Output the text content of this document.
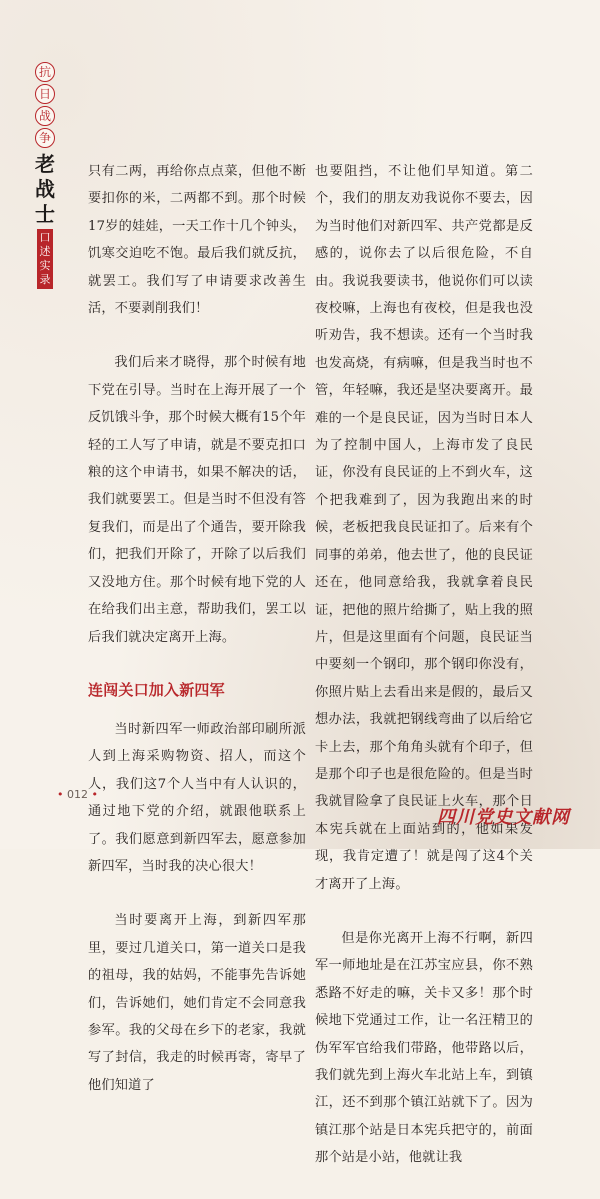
抗
日
战
争
老
战
士
口
述
实
录

只有二两，再给你点点菜，但他不断要扣你的米，二两都不到。那个时候17岁的娃娃，一天工作十几个钟头，饥寒交迫吃不饱。最后我们就反抗，就罢工。我们写了申请要求改善生活，不要剥削我们！

我们后来才晓得，那个时候有地下党在引导。当时在上海开展了一个反饥饿斗争，那个时候大概有15个年轻的工人写了申请，就是不要克扣口粮的这个申请书，如果不解决的话，我们就要罢工。但是当时不但没有答复我们，而是出了个通告，要开除我们，把我们开除了，开除了以后我们又没地方住。那个时候有地下党的人在给我们出主意，帮助我们，罢工以后我们就决定离开上海。

连闯关口加入新四军

当时新四军一师政治部印刷所派人到上海采购物资、招人，而这个人，我们这7个人当中有人认识的，通过地下党的介绍，就跟他联系上了。我们愿意到新四军去，愿意参加新四军，当时我的决心很大！

当时要离开上海，到新四军那里，要过几道关口，第一道关口是我的祖母，我的姑妈，不能事先告诉她们，告诉她们，她们肯定不会同意我参军。我的父母在乡下的老家，我就写了封信，我走的时候再寄，寄早了他们知道了

也要阻挡，不让他们早知道。第二个，我们的朋友劝我说你不要去，因为当时他们对新四军、共产党都是反感的，说你去了以后很危险，不自由。我说我要读书，他说你们可以读夜校嘛，上海也有夜校，但是我也没听劝告，我不想读。还有一个当时我也发高烧，有病嘛，但是我当时也不管，年轻嘛，我还是坚决要离开。最难的一个是良民证，因为当时日本人为了控制中国人，上海市发了良民证，你没有良民证的上不到火车，这个把我难到了，因为我跑出来的时候，老板把我良民证扣了。后来有个同事的弟弟，他去世了，他的良民证还在，他同意给我，我就拿着良民证，把他的照片给撕了，贴上我的照片，但是这里面有个问题，良民证当中要刻一个钢印，那个钢印你没有，你照片贴上去看出来是假的，最后又想办法，我就把钢线弯曲了以后给它卡上去，那个角角头就有个印子，但是那个印子也是很危险的。但是当时我就冒险拿了良民证上火车，那个日本宪兵就在上面站到的，他如果发现，我肯定遭了！就是闯了这4个关才离开了上海。

但是你光离开上海不行啊，新四军一师地址是在江苏宝应县，你不熟悉路不好走的嘛，关卡又多！那个时候地下党通过工作，让一名汪精卫的伪军军官给我们带路，他带路以后，我们就先到上海火车北站上车，到镇江，还不到那个镇江站就下了。因为镇江那个站是日本宪兵把守的，前面那个站是小站，他就让我

• 012 •
四川党史文献网
